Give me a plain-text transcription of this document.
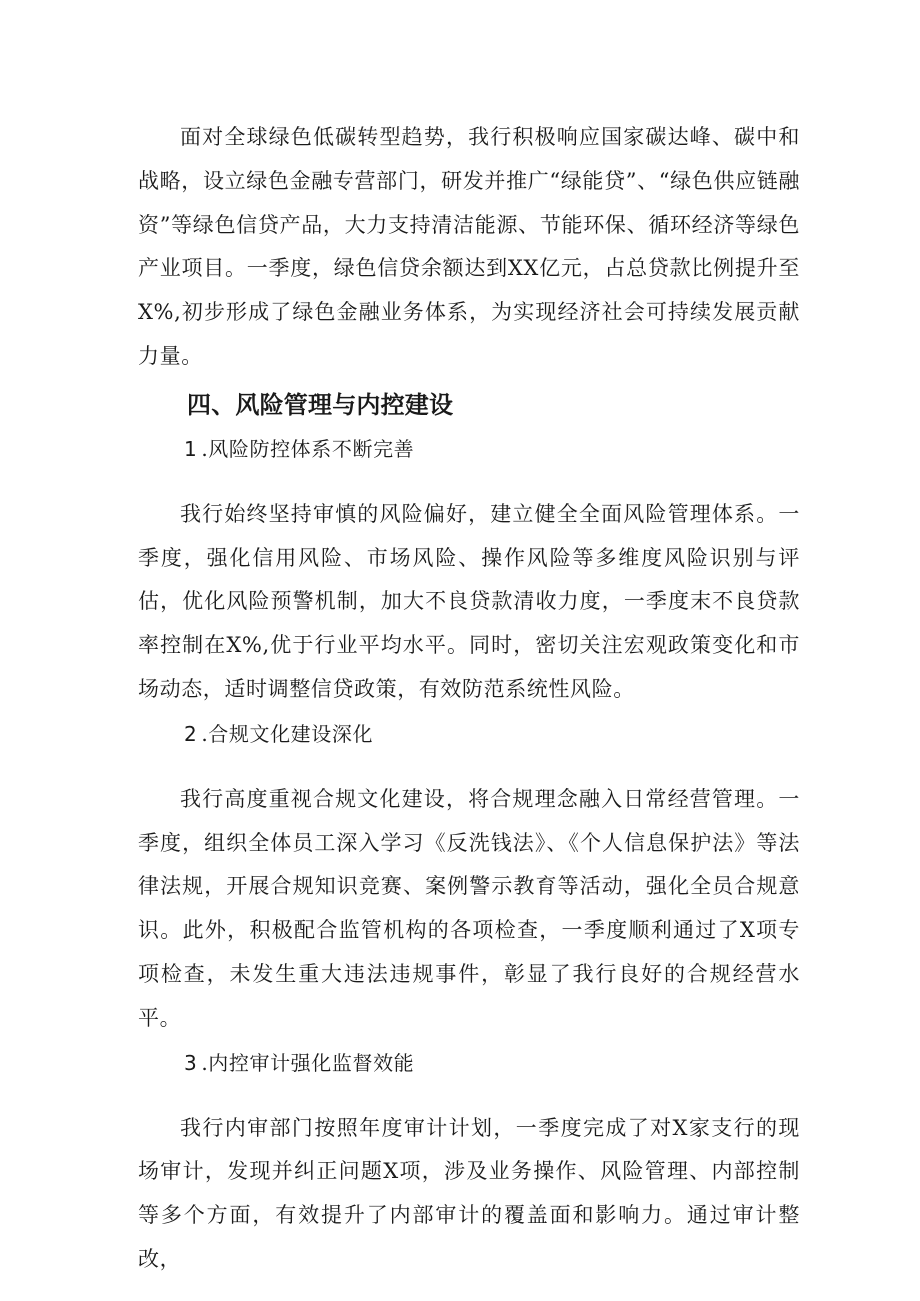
面对全球绿色低碳转型趋势，我行积极响应国家碳达峰、碳中和战略，设立绿色金融专营部门，研发并推广“绿能贷”、“绿色供应链融资”等绿色信贷产品，大力支持清洁能源、节能环保、循环经济等绿色产业项目。一季度，绿色信贷余额达到XX亿元，占总贷款比例提升至X%,初步形成了绿色金融业务体系，为实现经济社会可持续发展贡献力量。

四、风险管理与内控建设
1 .风险防控体系不断完善

我行始终坚持审慎的风险偏好，建立健全全面风险管理体系。一季度，强化信用风险、市场风险、操作风险等多维度风险识别与评估，优化风险预警机制，加大不良贷款清收力度，一季度末不良贷款率控制在X%,优于行业平均水平。同时，密切关注宏观政策变化和市场动态，适时调整信贷政策，有效防范系统性风险。

2 .合规文化建设深化

我行高度重视合规文化建设，将合规理念融入日常经营管理。一季度，组织全体员工深入学习《反洗钱法》、《个人信息保护法》等法律法规，开展合规知识竞赛、案例警示教育等活动，强化全员合规意识。此外，积极配合监管机构的各项检查，一季度顺利通过了X项专项检查，未发生重大违法违规事件，彰显了我行良好的合规经营水平。

3 .内控审计强化监督效能

我行内审部门按照年度审计计划，一季度完成了对X家支行的现场审计，发现并纠正问题X项，涉及业务操作、风险管理、内部控制等多个方面，有效提升了内部审计的覆盖面和影响力。通过审计整改，
